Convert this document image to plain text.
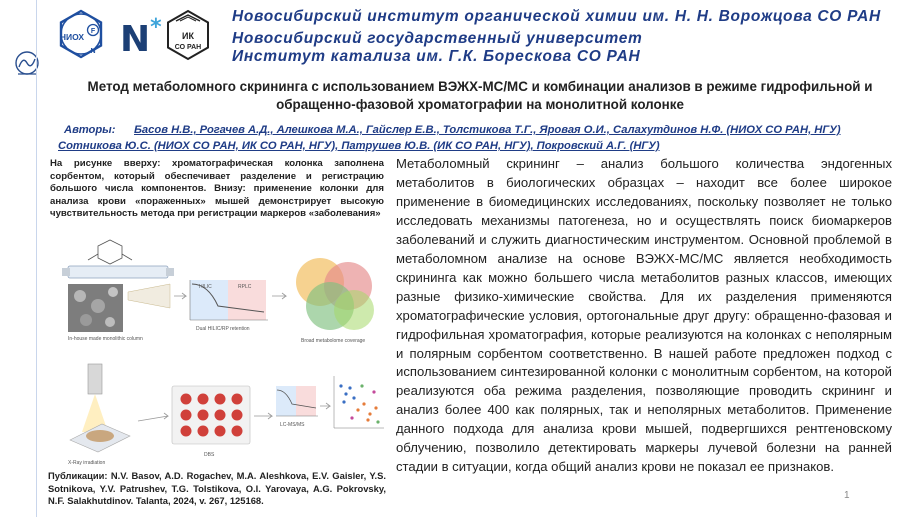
НИОХ
F
N N* ИК
СО РАН
Новосибирский институт органической химии им. Н. Н. Ворожцова СО РАН
Новосибирский государственный университет
Институт катализа им. Г.К. Борескова СО РАН
Метод метаболомного скрининга с использованием ВЭЖХ-МС/МС и комбинации анализов в режиме гидрофильной и обращенно-фазовой хроматографии на монолитной колонке
Авторы: Басов Н.В., Рогачев А.Д., Алешкова М.А., Гайслер Е.В., Толстикова Т.Г., Яровая О.И., Салахутдинов Н.Ф. (НИОХ СО РАН, НГУ)
Сотникова Ю.С. (НИОХ СО РАН, ИК СО РАН, НГУ), Патрушев Ю.В. (ИК СО РАН, НГУ), Покровский А.Г. (НГУ)
На рисунке вверху: хроматографическая колонка заполнена сорбентом, который обеспечивает разделение и регистрацию большого числа компонентов. Внизу: применение колонки для анализа крови «пораженных» мышей демонстрирует высокую чувствительность метода при регистрации маркеров «заболевания»
In-house made monolithic column
HILIC	RPLC
Dual HILIC/RP retention
Broad metabolome coverage
X-Ray irradiation
DBS
LC-MS/MS
Публикации: N.V. Basov, A.D. Rogachev, M.A. Aleshkova, E.V. Gaisler, Y.S. Sotnikova, Y.V. Patrushev, T.G. Tolstikova, O.I. Yarovaya, A.G. Pokrovsky, N.F. Salakhutdinov. Talanta, 2024, v. 267, 125168.
Метаболомный скрининг – анализ большого количества эндогенных метаболитов в биологических образцах – находит все более широкое применение в биомедицинских исследованиях, поскольку позволяет не только исследовать механизмы патогенеза, но и осуществлять поиск биомаркеров заболеваний и служить диагностическим инструментом. Основной проблемой в метаболомном анализе на основе ВЭЖХ-МС/МС является необходимость скрининга как можно большего числа метаболитов разных классов, имеющих разные физико-химические свойства. Для их разделения применяются хроматографические условия, ортогональные друг другу: обращенно-фазовая и гидрофильная хроматография, которые реализуются на колонках с неполярным и полярным сорбентом соответственно. В нашей работе предложен подход с использованием синтезированной колонки с монолитным сорбентом, на которой реализуются оба режима разделения, позволяющие проводить скрининг и анализ более 400 как полярных, так и неполярных метаболитов. Применение данного подхода для анализа крови мышей, подвергшихся рентгеновскому облучению, позволило детектировать маркеры лучевой болезни на ранней стадии в ситуации, когда общий анализ крови не показал ее признаков.
1
